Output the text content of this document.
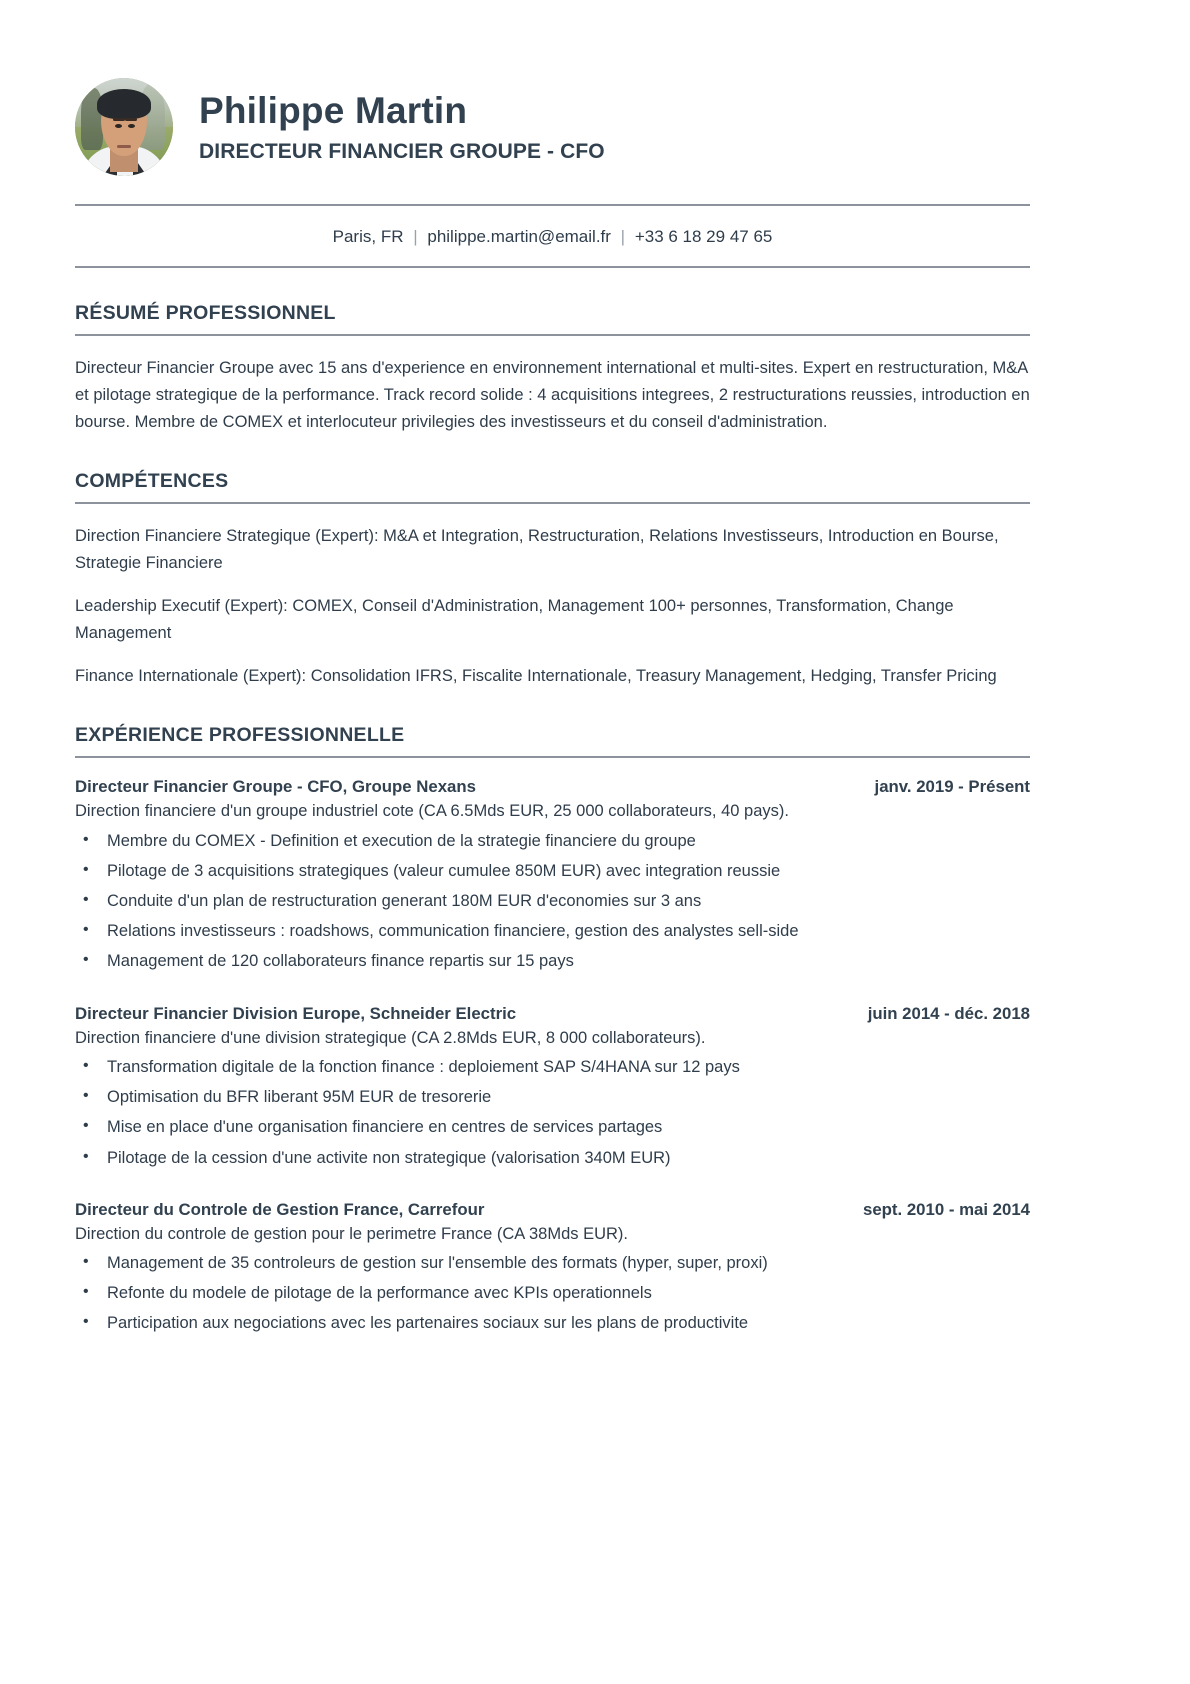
Philippe Martin
DIRECTEUR FINANCIER GROUPE - CFO
Paris, FR | philippe.martin@email.fr | +33 6 18 29 47 65
RÉSUMÉ PROFESSIONNEL

Directeur Financier Groupe avec 15 ans d'experience en environnement international et multi-sites. Expert en restructuration, M&A et pilotage strategique de la performance. Track record solide : 4 acquisitions integrees, 2 restructurations reussies, introduction en bourse. Membre de COMEX et interlocuteur privilegies des investisseurs et du conseil d'administration.

COMPÉTENCES

Direction Financiere Strategique (Expert): M&A et Integration, Restructuration, Relations Investisseurs, Introduction en Bourse, Strategie Financiere

Leadership Executif (Expert): COMEX, Conseil d'Administration, Management 100+ personnes, Transformation, Change Management

Finance Internationale (Expert): Consolidation IFRS, Fiscalite Internationale, Treasury Management, Hedging, Transfer Pricing

EXPÉRIENCE PROFESSIONNELLE
Directeur Financier Groupe - CFO, Groupe Nexans	janv. 2019 - Présent

Direction financiere d'un groupe industriel cote (CA 6.5Mds EUR, 25 000 collaborateurs, 40 pays).

• Membre du COMEX - Definition et execution de la strategie financiere du groupe
• Pilotage de 3 acquisitions strategiques (valeur cumulee 850M EUR) avec integration reussie
• Conduite d'un plan de restructuration generant 180M EUR d'economies sur 3 ans
• Relations investisseurs : roadshows, communication financiere, gestion des analystes sell-side
• Management de 120 collaborateurs finance repartis sur 15 pays
Directeur Financier Division Europe, Schneider Electric	juin 2014 - déc. 2018

Direction financiere d'une division strategique (CA 2.8Mds EUR, 8 000 collaborateurs).

• Transformation digitale de la fonction finance : deploiement SAP S/4HANA sur 12 pays
• Optimisation du BFR liberant 95M EUR de tresorerie
• Mise en place d'une organisation financiere en centres de services partages
• Pilotage de la cession d'une activite non strategique (valorisation 340M EUR)
Directeur du Controle de Gestion France, Carrefour	sept. 2010 - mai 2014

Direction du controle de gestion pour le perimetre France (CA 38Mds EUR).

• Management de 35 controleurs de gestion sur l'ensemble des formats (hyper, super, proxi)
• Refonte du modele de pilotage de la performance avec KPIs operationnels
• Participation aux negociations avec les partenaires sociaux sur les plans de productivite
